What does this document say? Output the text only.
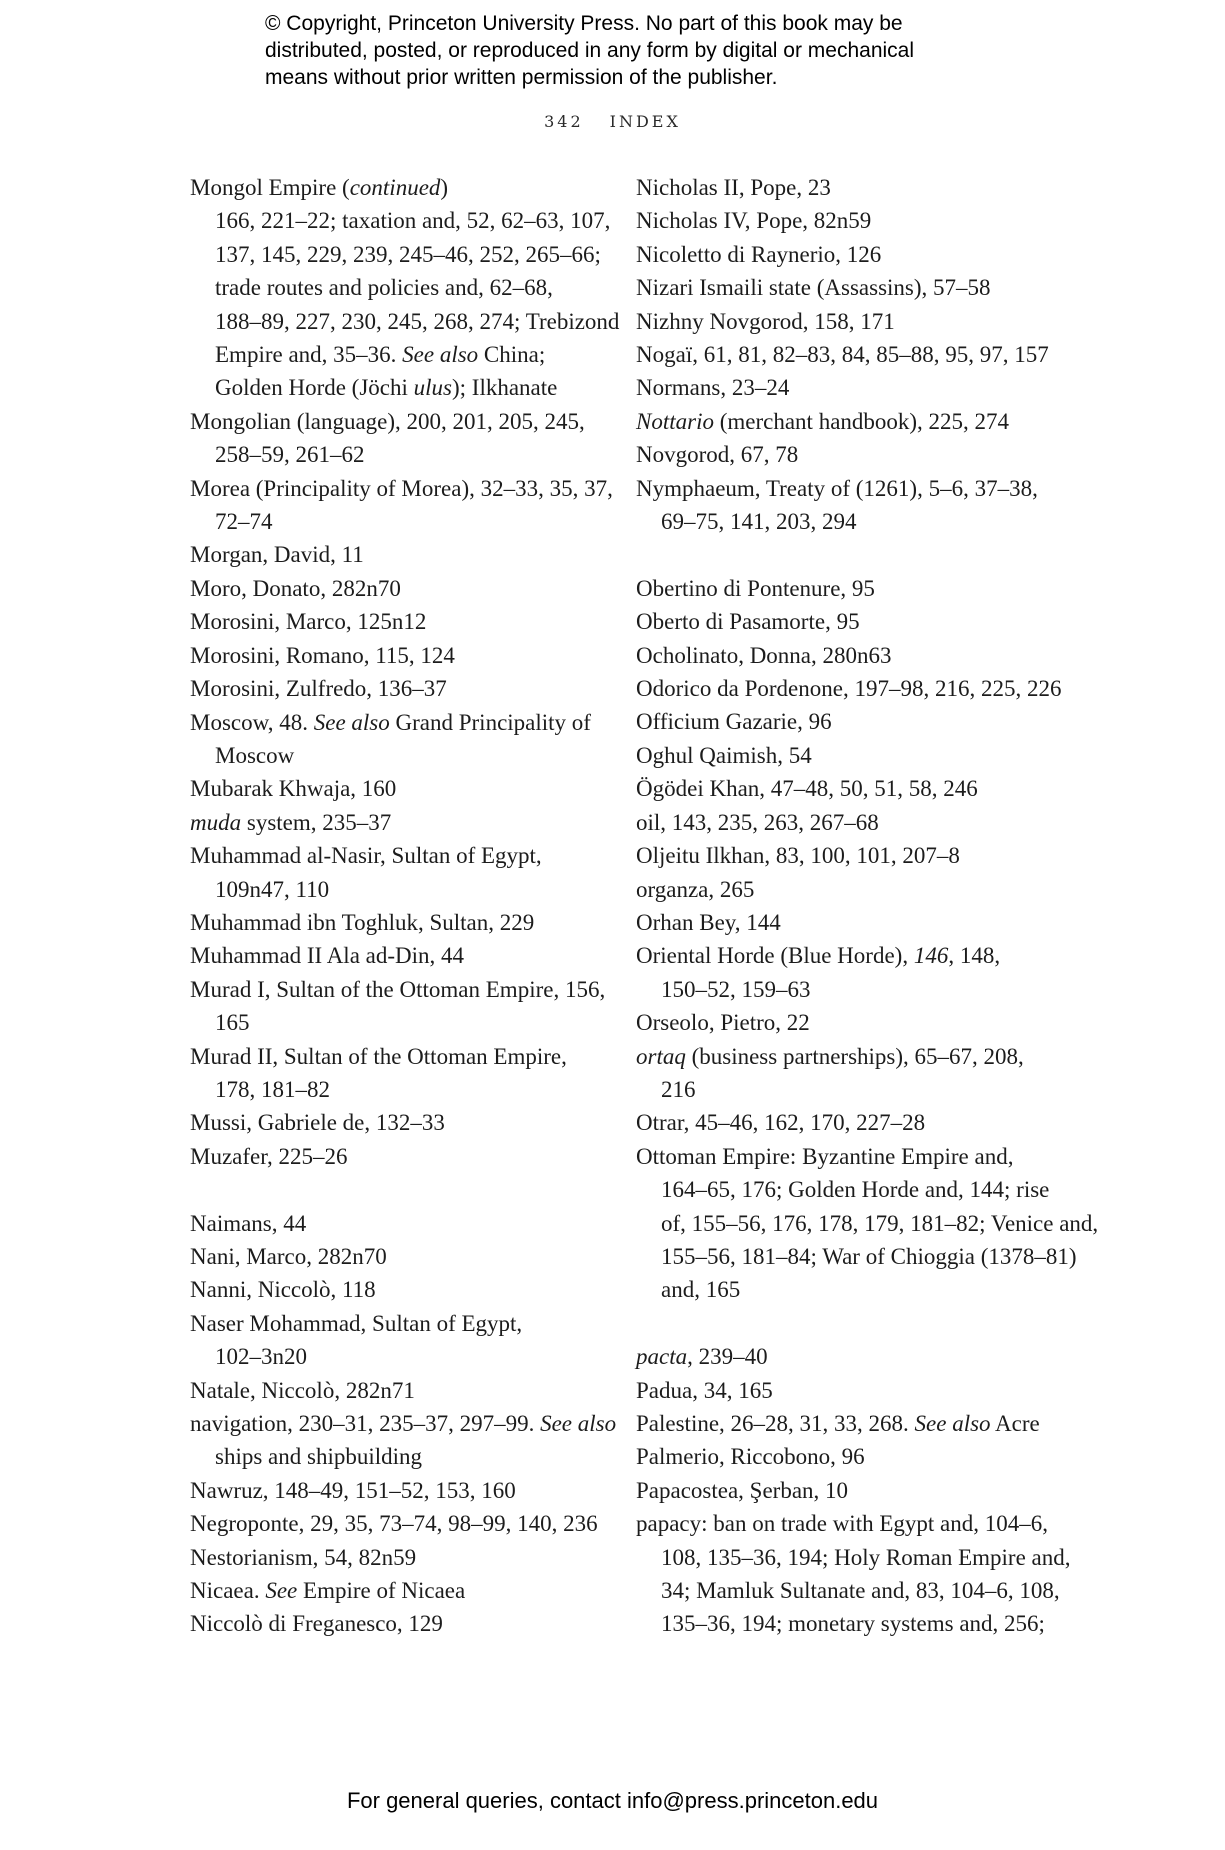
© Copyright, Princeton University Press. No part of this book may be
distributed, posted, or reproduced in any form by digital or mechanical
means without prior written permission of the publisher.
342 INDEX
Mongol Empire (continued)
166, 221–22; taxation and, 52, 62–63, 107,
137, 145, 229, 239, 245–46, 252, 265–66;
trade routes and policies and, 62–68,
188–89, 227, 230, 245, 268, 274; Trebizond
Empire and, 35–36. See also China;
Golden Horde (Jöchi ulus); Ilkhanate
Mongolian (language), 200, 201, 205, 245,
258–59, 261–62
Morea (Principality of Morea), 32–33, 35, 37,
72–74
Morgan, David, 11
Moro, Donato, 282n70
Morosini, Marco, 125n12
Morosini, Romano, 115, 124
Morosini, Zulfredo, 136–37
Moscow, 48. See also Grand Principality of
Moscow
Mubarak Khwaja, 160
muda system, 235–37
Muhammad al-Nasir, Sultan of Egypt,
109n47, 110
Muhammad ibn Toghluk, Sultan, 229
Muhammad II Ala ad-Din, 44
Murad I, Sultan of the Ottoman Empire, 156,
165
Murad II, Sultan of the Ottoman Empire,
178, 181–82
Mussi, Gabriele de, 132–33
Muzafer, 225–26
Naimans, 44
Nani, Marco, 282n70
Nanni, Niccolò, 118
Naser Mohammad, Sultan of Egypt,
102–3n20
Natale, Niccolò, 282n71
navigation, 230–31, 235–37, 297–99. See also
ships and shipbuilding
Nawruz, 148–49, 151–52, 153, 160
Negroponte, 29, 35, 73–74, 98–99, 140, 236
Nestorianism, 54, 82n59
Nicaea. See Empire of Nicaea
Niccolò di Freganesco, 129
Nicholas II, Pope, 23
Nicholas IV, Pope, 82n59
Nicoletto di Raynerio, 126
Nizari Ismaili state (Assassins), 57–58
Nizhny Novgorod, 158, 171
Nogaï, 61, 81, 82–83, 84, 85–88, 95, 97, 157
Normans, 23–24
Nottario (merchant handbook), 225, 274
Novgorod, 67, 78
Nymphaeum, Treaty of (1261), 5–6, 37–38,
69–75, 141, 203, 294
Obertino di Pontenure, 95
Oberto di Pasamorte, 95
Ocholinato, Donna, 280n63
Odorico da Pordenone, 197–98, 216, 225, 226
Officium Gazarie, 96
Oghul Qaimish, 54
Ögödei Khan, 47–48, 50, 51, 58, 246
oil, 143, 235, 263, 267–68
Oljeitu Ilkhan, 83, 100, 101, 207–8
organza, 265
Orhan Bey, 144
Oriental Horde (Blue Horde), 146, 148,
150–52, 159–63
Orseolo, Pietro, 22
ortaq (business partnerships), 65–67, 208,
216
Otrar, 45–46, 162, 170, 227–28
Ottoman Empire: Byzantine Empire and,
164–65, 176; Golden Horde and, 144; rise
of, 155–56, 176, 178, 179, 181–82; Venice and,
155–56, 181–84; War of Chioggia (1378–81)
and, 165
pacta, 239–40
Padua, 34, 165
Palestine, 26–28, 31, 33, 268. See also Acre
Palmerio, Riccobono, 96
Papacostea, Şerban, 10
papacy: ban on trade with Egypt and, 104–6,
108, 135–36, 194; Holy Roman Empire and,
34; Mamluk Sultanate and, 83, 104–6, 108,
135–36, 194; monetary systems and, 256;
For general queries, contact info@press.princeton.edu
